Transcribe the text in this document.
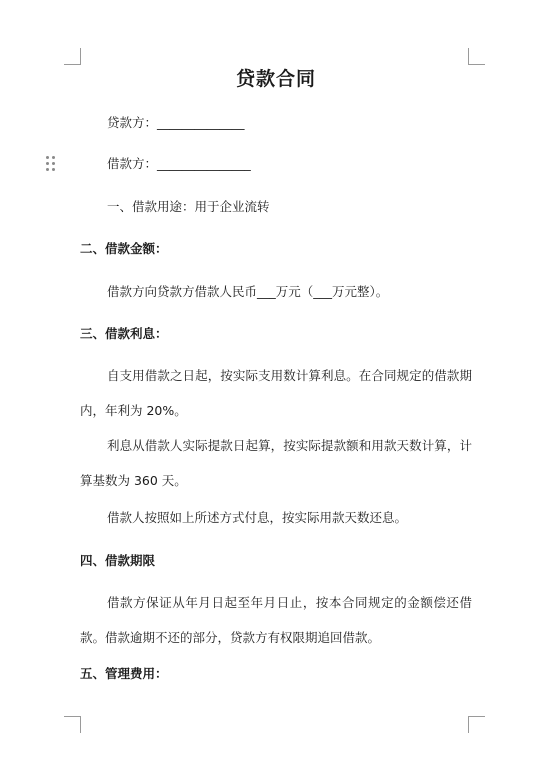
贷款合同
贷款方：______________
借款方：_______________
一、借款用途：用于企业流转
二、借款金额：
借款方向贷款方借款人民币___万元（___万元整）。
三、借款利息：
自支用借款之日起，按实际支用数计算利息。在合同规定的借款期内，年利为 20%。
利息从借款人实际提款日起算，按实际提款额和用款天数计算，计算基数为 360 天。
借款人按照如上所述方式付息，按实际用款天数还息。
四、借款期限
借款方保证从年月日起至年月日止，按本合同规定的金额偿还借款。借款逾期不还的部分，贷款方有权限期追回借款。
五、管理费用：
